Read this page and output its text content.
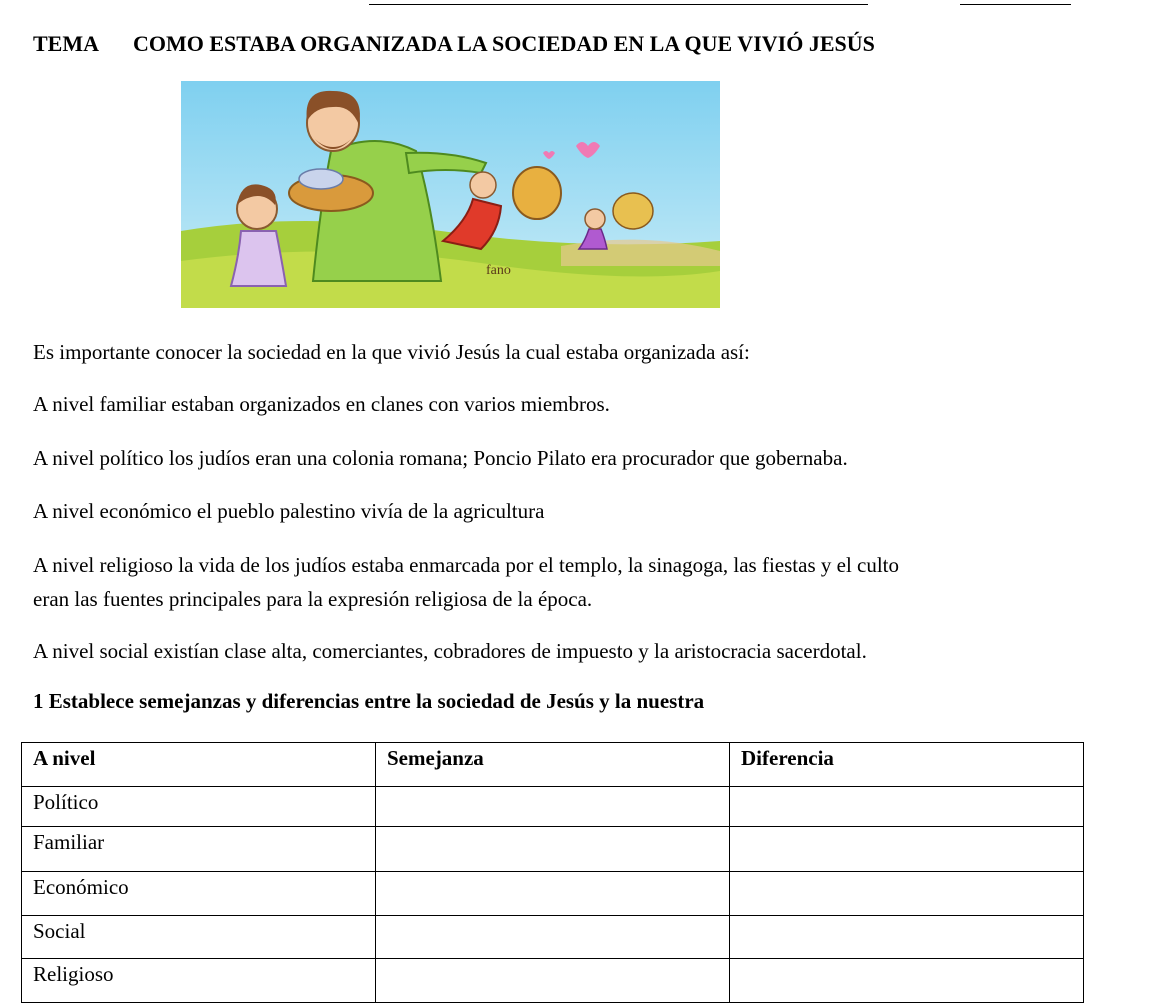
TEMA COMO ESTABA ORGANIZADA LA SOCIEDAD EN LA QUE VIVIÓ JESÚS
fano

Es importante conocer la sociedad en la que vivió Jesús la cual estaba organizada así:

A nivel familiar estaban organizados en clanes con varios miembros.

A nivel político los judíos eran una colonia romana; Poncio Pilato era procurador que gobernaba.

A nivel económico el pueblo palestino vivía de la agricultura

A nivel religioso la vida de los judíos estaba enmarcada por el templo, la sinagoga, las fiestas y el culto

eran las fuentes principales para la expresión religiosa de la época.

A nivel social existían clase alta, comerciantes, cobradores de impuesto y la aristocracia sacerdotal.

1 Establece semejanzas y diferencias entre la sociedad de Jesús y la nuestra

A nivel	Semejanza	Diferencia
Político		
Familiar		
Económico		
Social		
Religioso		
